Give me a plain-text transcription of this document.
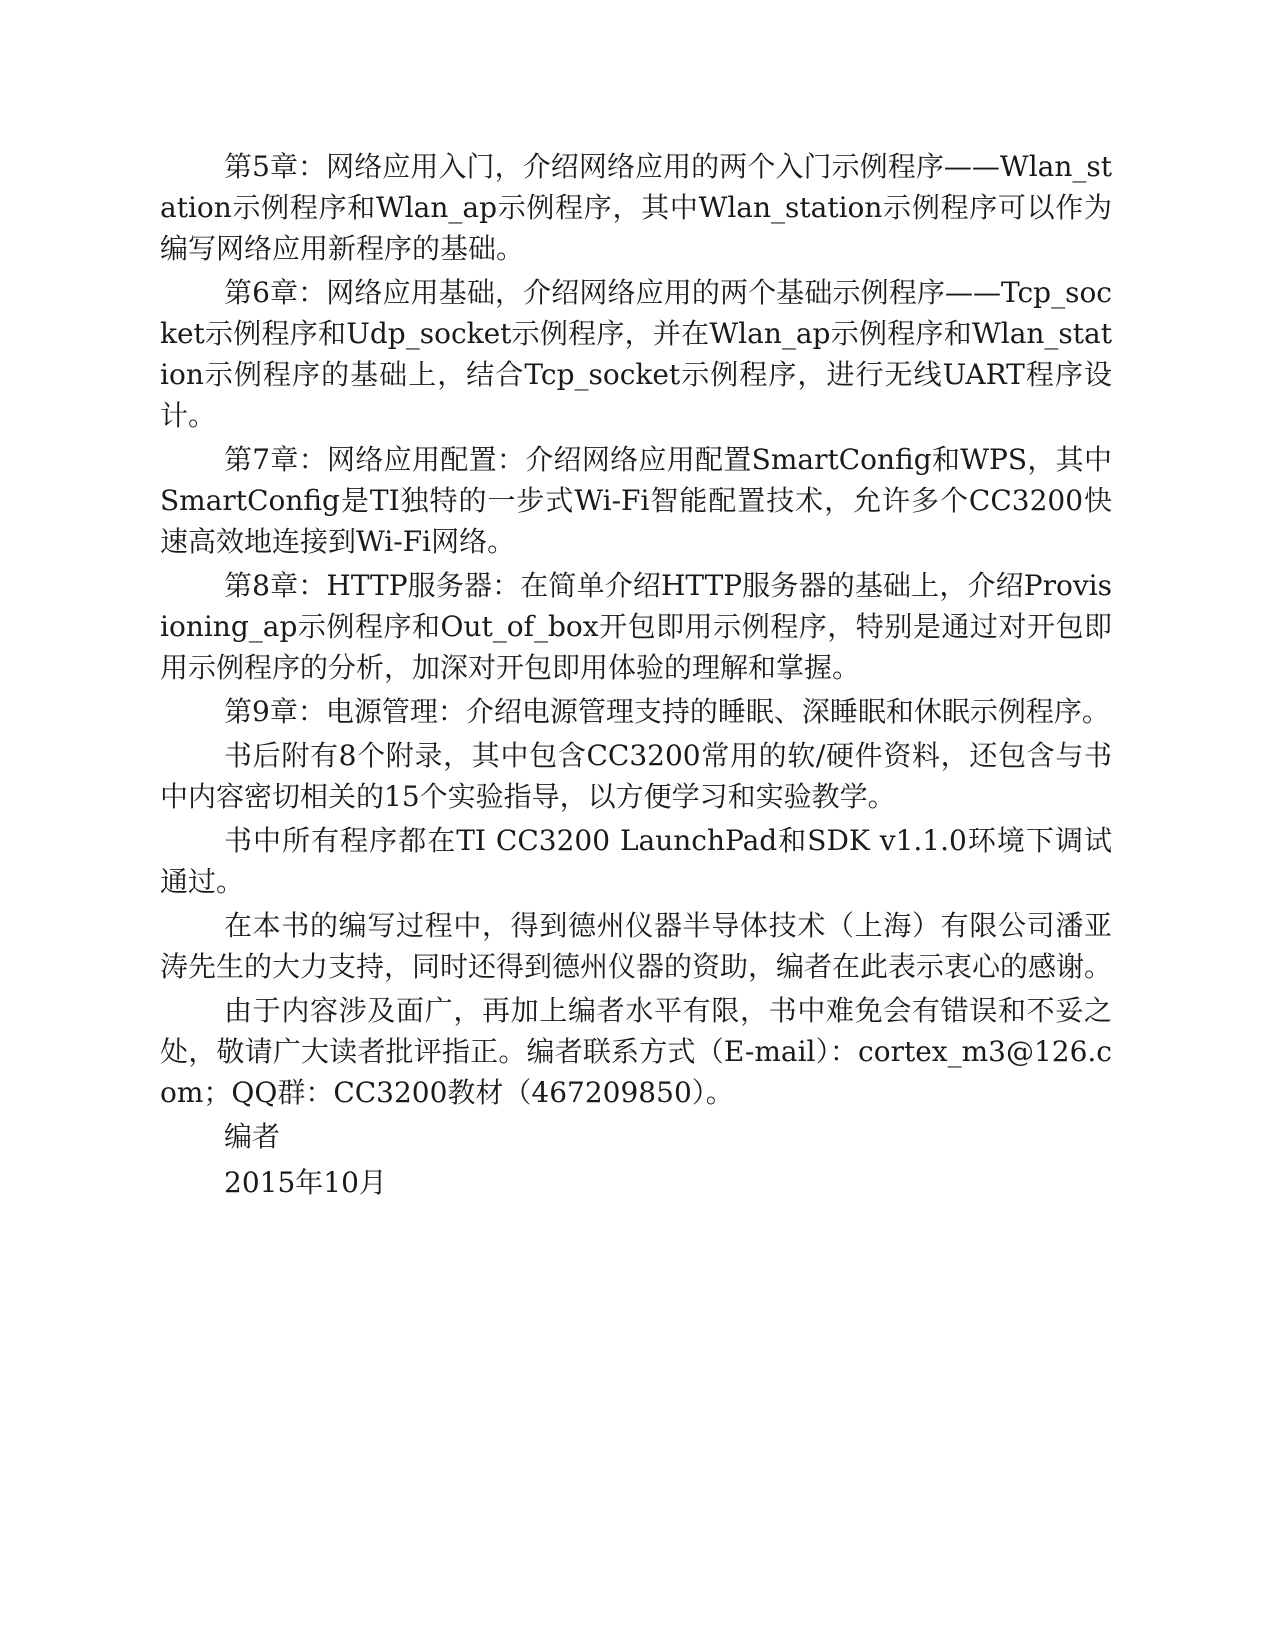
第5章：网络应用入门，介绍网络应用的两个入门示例程序——Wlan_station示例程序和Wlan_ap示例程序，其中Wlan_station示例程序可以作为编写网络应用新程序的基础。

第6章：网络应用基础，介绍网络应用的两个基础示例程序——Tcp_socket示例程序和Udp_socket示例程序，并在Wlan_ap示例程序和Wlan_station示例程序的基础上，结合Tcp_socket示例程序，进行无线UART程序设计。

第7章：网络应用配置：介绍网络应用配置SmartConfig和WPS，其中SmartConfig是TI独特的一步式Wi-Fi智能配置技术，允许多个CC3200快速高效地连接到Wi-Fi网络。

第8章：HTTP服务器：在简单介绍HTTP服务器的基础上，介绍Provisioning_ap示例程序和Out_of_box开包即用示例程序，特别是通过对开包即用示例程序的分析，加深对开包即用体验的理解和掌握。

第9章：电源管理：介绍电源管理支持的睡眠、深睡眠和休眠示例程序。

书后附有8个附录，其中包含CC3200常用的软/硬件资料，还包含与书中内容密切相关的15个实验指导，以方便学习和实验教学。

书中所有程序都在TI CC3200 LaunchPad和SDK v1.1.0环境下调试通过。

在本书的编写过程中，得到德州仪器半导体技术（上海）有限公司潘亚涛先生的大力支持，同时还得到德州仪器的资助，编者在此表示衷心的感谢。

由于内容涉及面广，再加上编者水平有限，书中难免会有错误和不妥之处，敬请广大读者批评指正。编者联系方式（E-mail）：cortex_m3@126.com；QQ群：CC3200教材（467209850）。

编者

2015年10月
